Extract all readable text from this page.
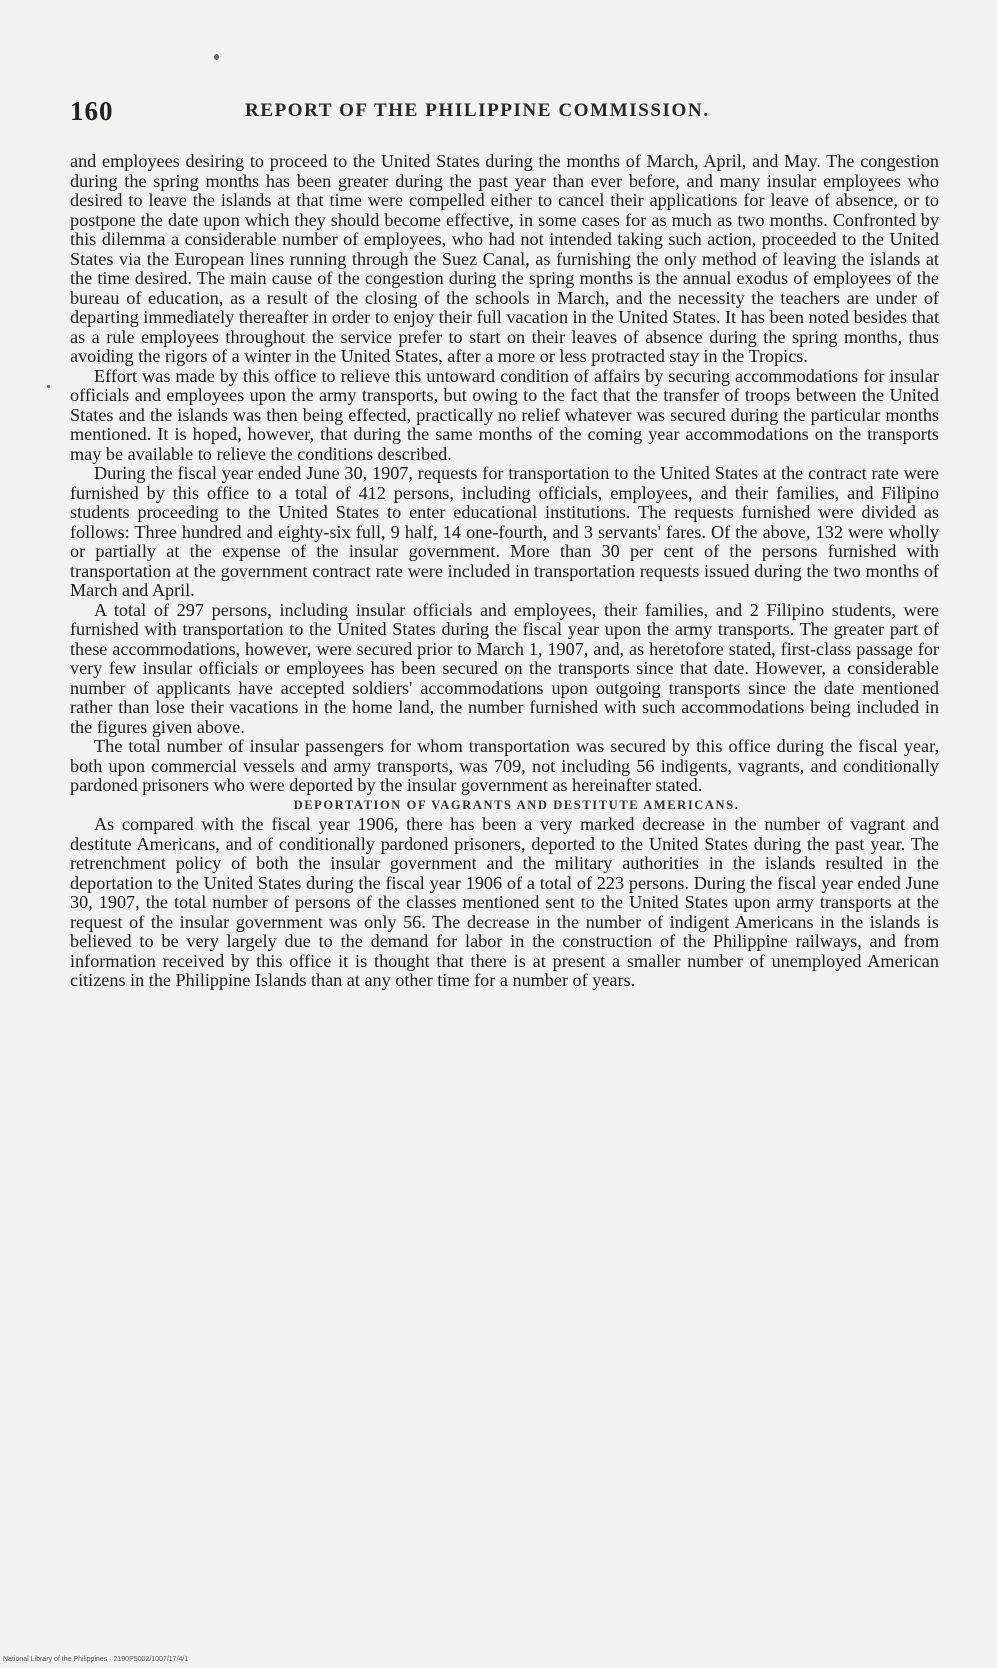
160	REPORT OF THE PHILIPPINE COMMISSION.

and employees desiring to proceed to the United States during the months of March, April, and May. The congestion during the spring months has been greater during the past year than ever before, and many insular employees who desired to leave the islands at that time were compelled either to cancel their applications for leave of absence, or to postpone the date upon which they should become effective, in some cases for as much as two months. Confronted by this dilemma a considerable number of employees, who had not intended taking such action, proceeded to the United States via the European lines running through the Suez Canal, as furnishing the only method of leaving the islands at the time desired. The main cause of the congestion during the spring months is the annual exodus of employees of the bureau of education, as a result of the closing of the schools in March, and the necessity the teachers are under of departing immediately thereafter in order to enjoy their full vacation in the United States. It has been noted besides that as a rule employees throughout the service prefer to start on their leaves of absence during the spring months, thus avoiding the rigors of a winter in the United States, after a more or less protracted stay in the Tropics.

Effort was made by this office to relieve this untoward condition of affairs by securing accommodations for insular officials and employees upon the army transports, but owing to the fact that the transfer of troops between the United States and the islands was then being effected, practically no relief whatever was secured during the particular months mentioned. It is hoped, however, that during the same months of the coming year accommodations on the transports may be available to relieve the conditions described.

During the fiscal year ended June 30, 1907, requests for transportation to the United States at the contract rate were furnished by this office to a total of 412 persons, including officials, employees, and their families, and Filipino students proceeding to the United States to enter educational institutions. The requests furnished were divided as follows: Three hundred and eighty-six full, 9 half, 14 one-fourth, and 3 servants' fares. Of the above, 132 were wholly or partially at the expense of the insular government. More than 30 per cent of the persons furnished with transportation at the government contract rate were included in transportation requests issued during the two months of March and April.

A total of 297 persons, including insular officials and employees, their families, and 2 Filipino students, were furnished with transportation to the United States during the fiscal year upon the army transports. The greater part of these accommodations, however, were secured prior to March 1, 1907, and, as heretofore stated, first-class passage for very few insular officials or employees has been secured on the transports since that date. However, a considerable number of applicants have accepted soldiers' accommodations upon outgoing transports since the date mentioned rather than lose their vacations in the home land, the number furnished with such accommodations being included in the figures given above.

The total number of insular passengers for whom transportation was secured by this office during the fiscal year, both upon commercial vessels and army transports, was 709, not including 56 indigents, vagrants, and conditionally pardoned prisoners who were deported by the insular government as hereinafter stated.

DEPORTATION OF VAGRANTS AND DESTITUTE AMERICANS.

As compared with the fiscal year 1906, there has been a very marked decrease in the number of vagrant and destitute Americans, and of conditionally pardoned prisoners, deported to the United States during the past year. The retrenchment policy of both the insular government and the military authorities in the islands resulted in the deportation to the United States during the fiscal year 1906 of a total of 223 persons. During the fiscal year ended June 30, 1907, the total number of persons of the classes mentioned sent to the United States upon army transports at the request of the insular government was only 56. The decrease in the number of indigent Americans in the islands is believed to be very largely due to the demand for labor in the construction of the Philippine railways, and from information received by this office it is thought that there is at present a smaller number of unemployed American citizens in the Philippine Islands than at any other time for a number of years.

National Library of the Philippines · 2190P5002/1007/17/4/1
